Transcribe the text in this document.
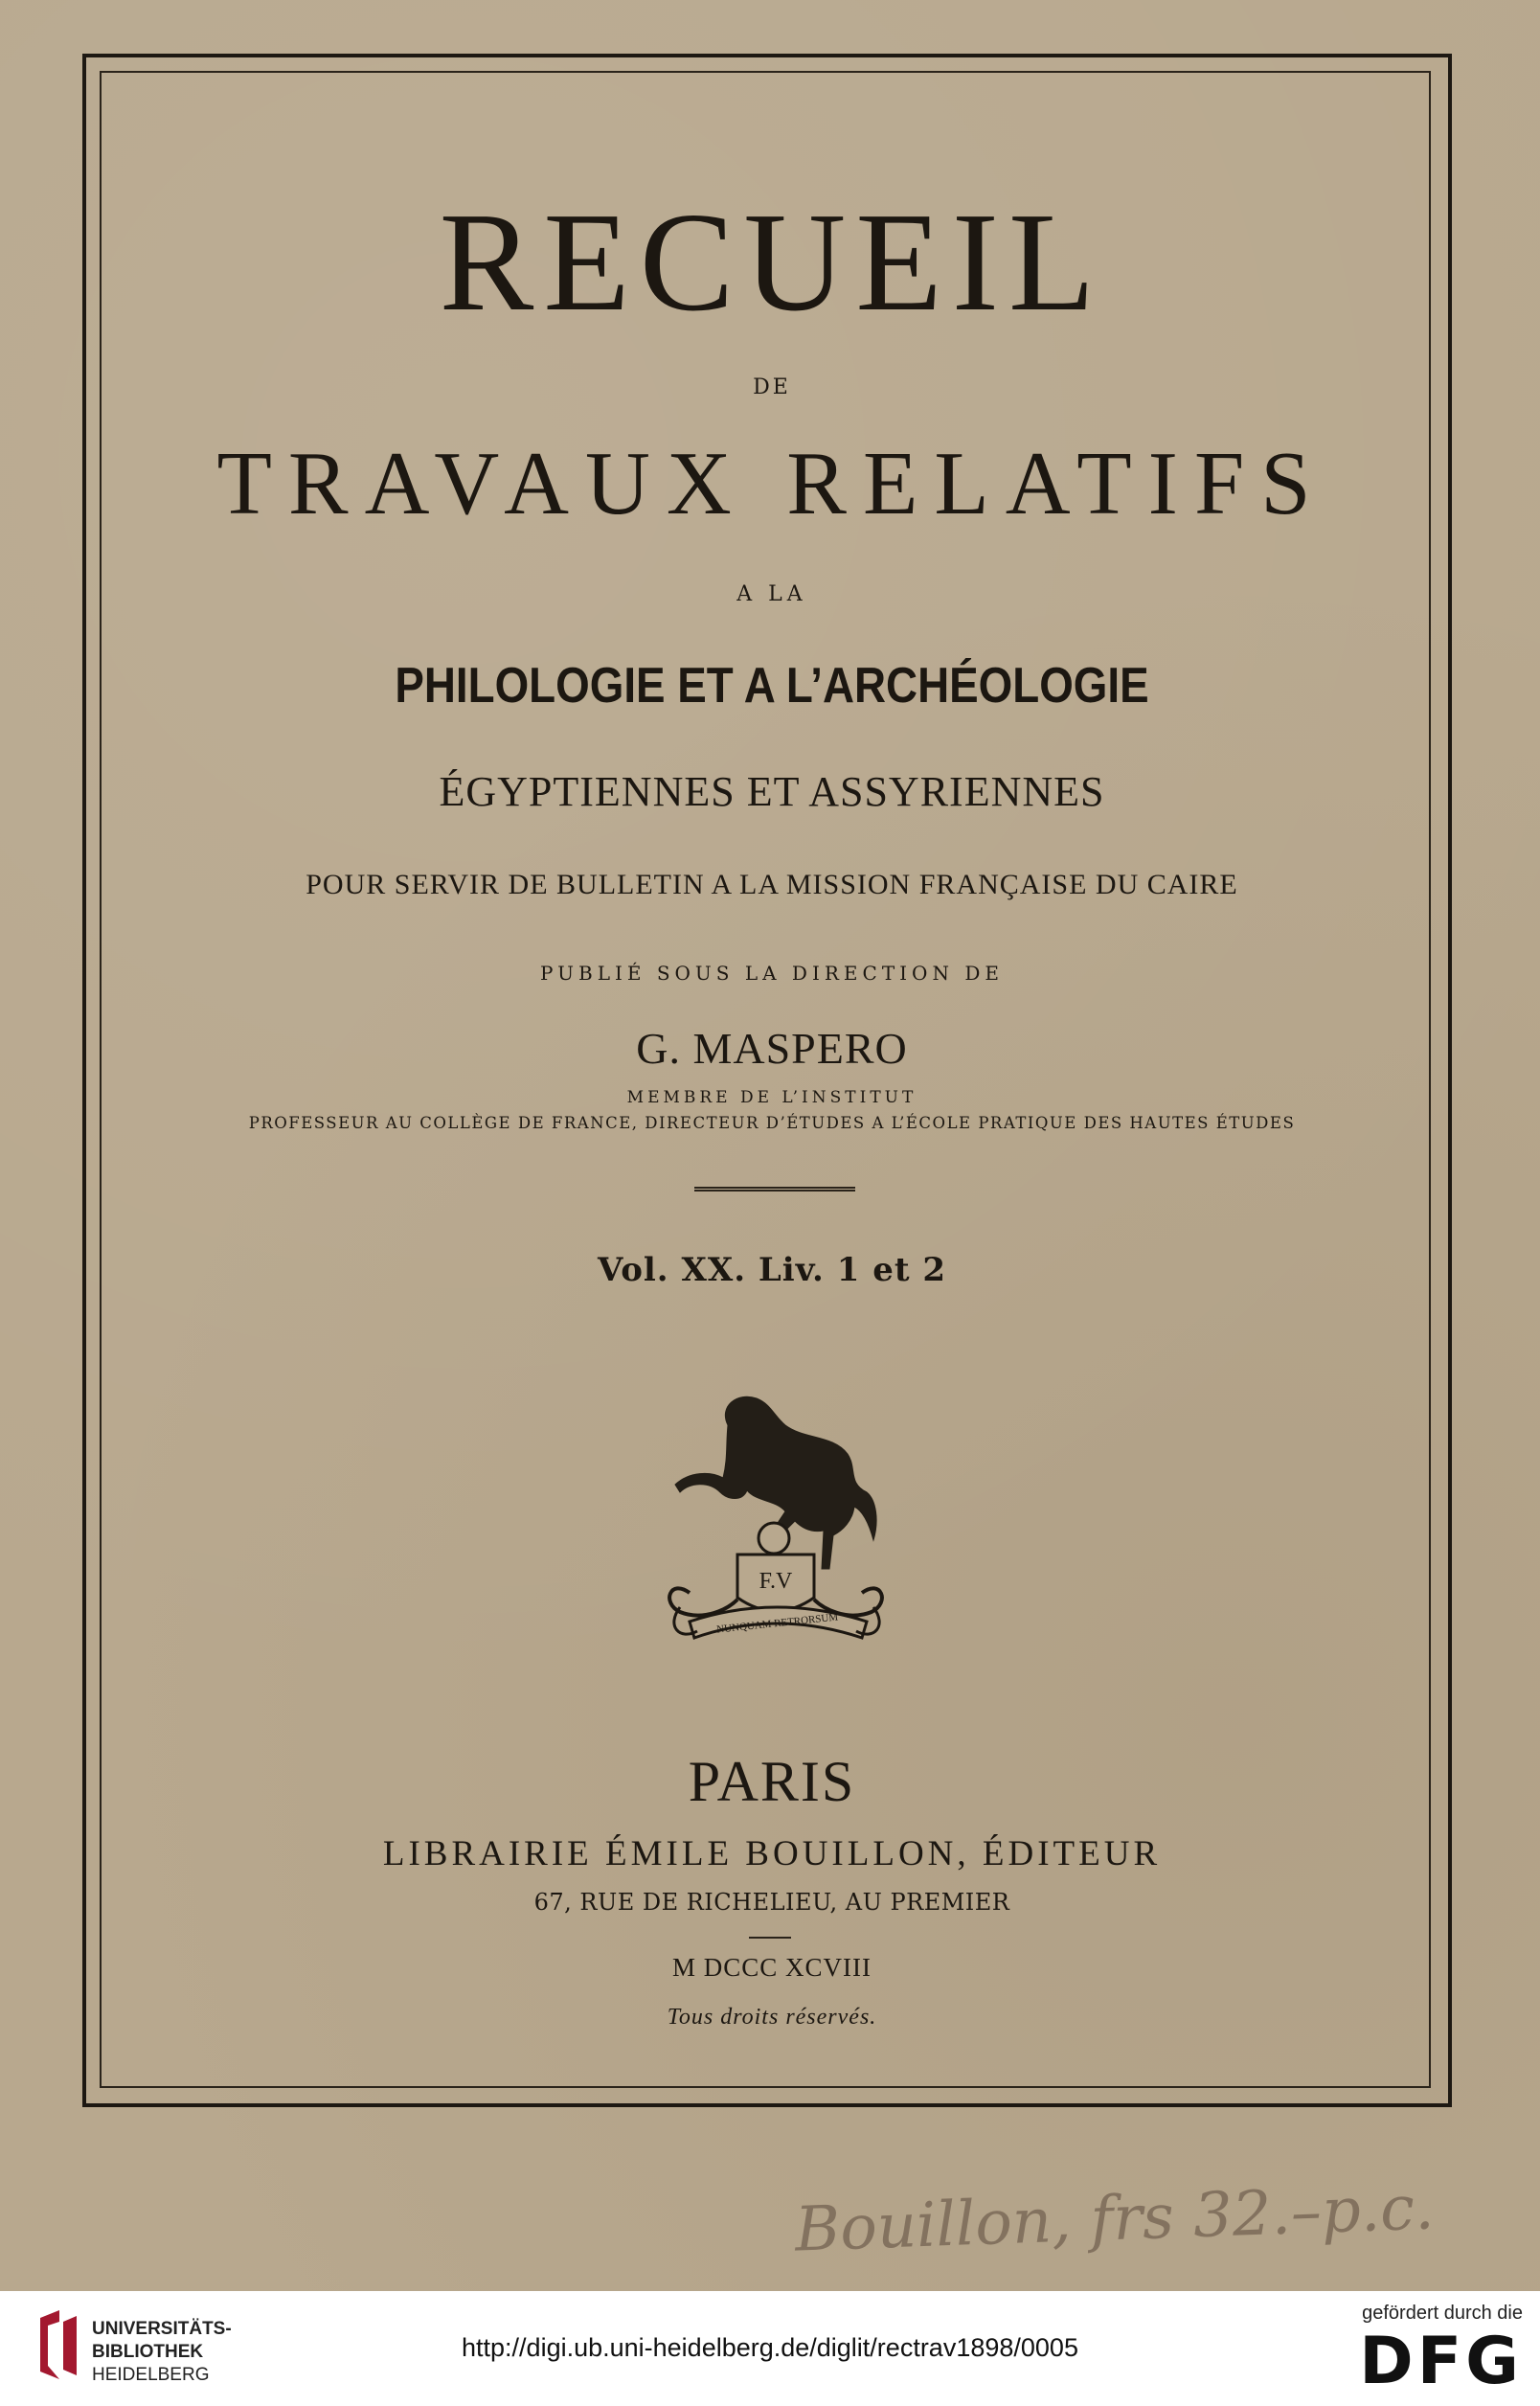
RECUEIL
DE
TRAVAUX RELATIFS
A LA
PHILOLOGIE ET A L’ARCHÉOLOGIE
ÉGYPTIENNES ET ASSYRIENNES
POUR SERVIR DE BULLETIN A LA MISSION FRANÇAISE DU CAIRE
PUBLIÉ SOUS LA DIRECTION DE
G. MASPERO
MEMBRE DE L’INSTITUT
PROFESSEUR AU COLLÈGE DE FRANCE, DIRECTEUR D’ÉTUDES A L’ÉCOLE PRATIQUE DES HAUTES ÉTUDES
Vol. XX. Liv. 1 et 2
F.V
NUNQUAM RETRORSUM
PARIS
LIBRAIRIE ÉMILE BOUILLON, ÉDITEUR
67, RUE DE RICHELIEU, AU PREMIER
M DCCC XCVIII
Tous droits réservés.
Bouillon, frs 32.–p.c.
UNIVERSITÄTS-
BIBLIOTHEK
HEIDELBERG
http://digi.ub.uni-heidelberg.de/diglit/rectrav1898/0005
gefördert durch die
DFG
